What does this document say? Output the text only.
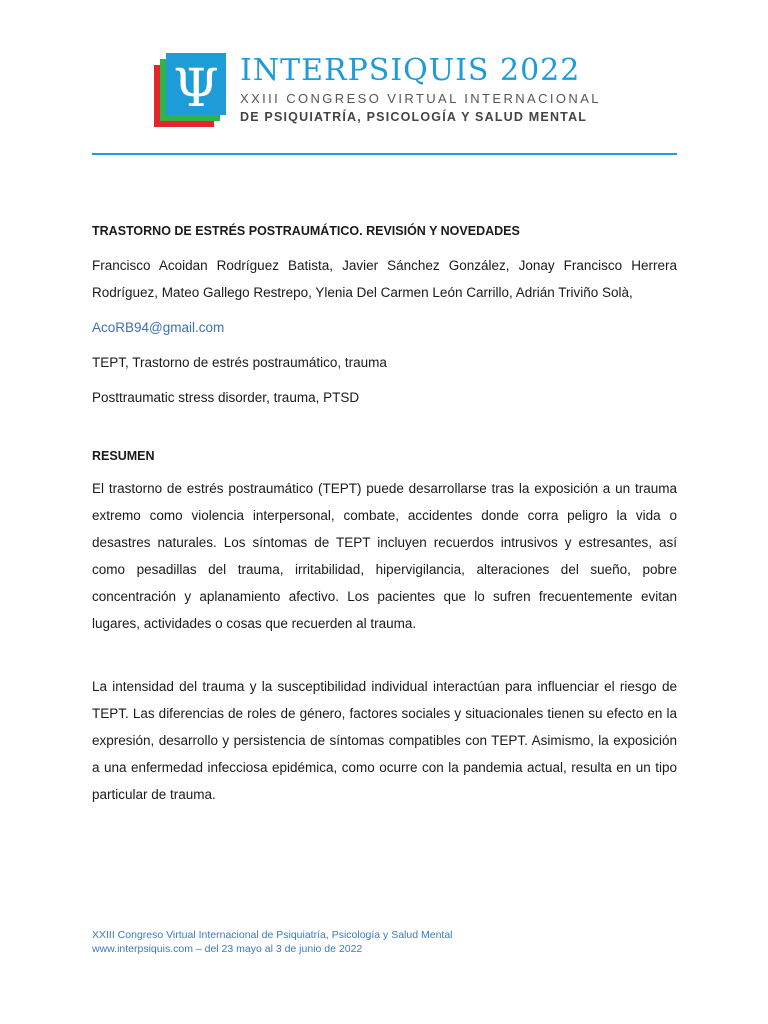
Ψ INTERPSIQUIS 2022
XXIII CONGRESO VIRTUAL INTERNACIONAL
DE PSIQUIATRÍA, PSICOLOGÍA Y SALUD MENTAL

TRASTORNO DE ESTRÉS POSTRAUMÁTICO. REVISIÓN Y NOVEDADES

Francisco Acoidan Rodríguez Batista, Javier Sánchez González, Jonay Francisco Herrera Rodríguez, Mateo Gallego Restrepo, Ylenia Del Carmen León Carrillo, Adrián Triviño Solà,

AcoRB94@gmail.com

TEPT, Trastorno de estrés postraumático, trauma

Posttraumatic stress disorder, trauma, PTSD

RESUMEN

El trastorno de estrés postraumático (TEPT) puede desarrollarse tras la exposición a un trauma extremo como violencia interpersonal, combate, accidentes donde corra peligro la vida o desastres naturales. Los síntomas de TEPT incluyen recuerdos intrusivos y estresantes, así como pesadillas del trauma, irritabilidad, hipervigilancia, alteraciones del sueño, pobre concentración y aplanamiento afectivo. Los pacientes que lo sufren frecuentemente evitan lugares, actividades o cosas que recuerden al trauma.

La intensidad del trauma y la susceptibilidad individual interactúan para influenciar el riesgo de TEPT. Las diferencias de roles de género, factores sociales y situacionales tienen su efecto en la expresión, desarrollo y persistencia de síntomas compatibles con TEPT. Asimismo, la exposición a una enfermedad infecciosa epidémica, como ocurre con la pandemia actual, resulta en un tipo particular de trauma.

XXIII Congreso Virtual Internacional de Psiquiatría, Psicología y Salud Mental
www.interpsiquis.com – del 23 mayo al 3 de junio de 2022
